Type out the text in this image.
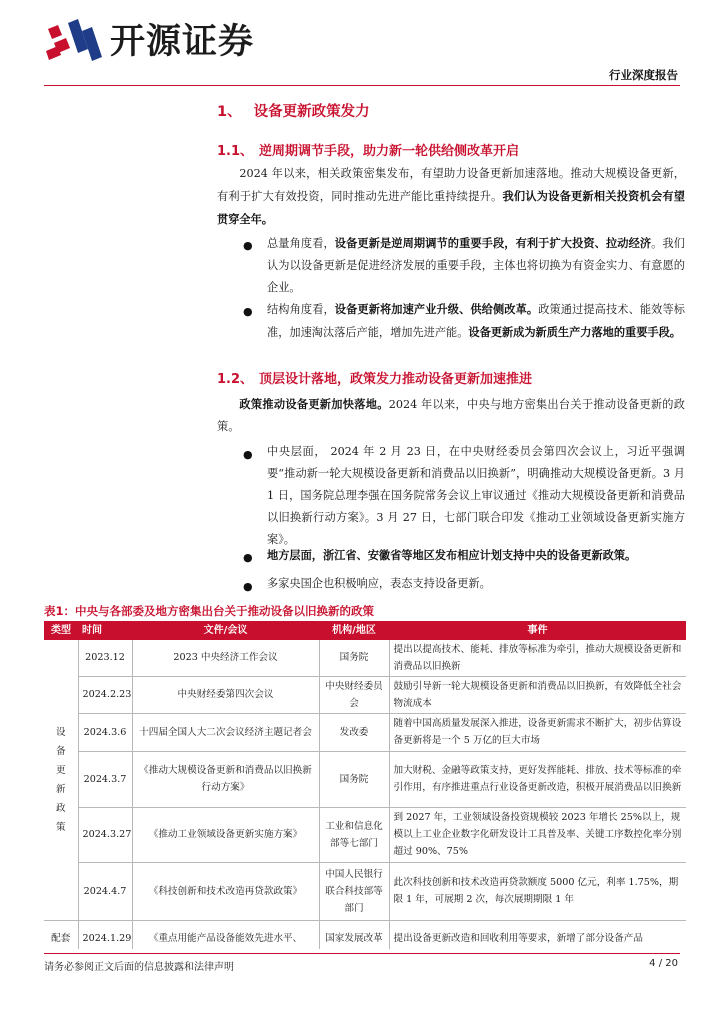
开源证券
行业深度报告
1、 设备更新政策发力
1.1、 逆周期调节手段，助力新一轮供给侧改革开启
2024 年以来，相关政策密集发布，有望助力设备更新加速落地。推动大规模设备更新，有利于扩大有效投资，同时推动先进产能比重持续提升。我们认为设备更新相关投资机会有望贯穿全年。
● 总量角度看，设备更新是逆周期调节的重要手段，有利于扩大投资、拉动经济。我们认为以设备更新是促进经济发展的重要手段，主体也将切换为有资金实力、有意愿的企业。
● 结构角度看，设备更新将加速产业升级、供给侧改革。政策通过提高技术、能效等标准，加速淘汰落后产能，增加先进产能。设备更新成为新质生产力落地的重要手段。
1.2、 顶层设计落地，政策发力推动设备更新加速推进
政策推动设备更新加快落地。2024 年以来，中央与地方密集出台关于推动设备更新的政策。
● 中央层面， 2024 年 2 月 23 日，在中央财经委员会第四次会议上，习近平强调要“推动新一轮大规模设备更新和消费品以旧换新”，明确推动大规模设备更新。3 月 1 日，国务院总理李强在国务院常务会议上审议通过《推动大规模设备更新和消费品以旧换新行动方案》。3 月 27 日，七部门联合印发《推动工业领域设备更新实施方案》。
● 地方层面，浙江省、安徽省等地区发布相应计划支持中央的设备更新政策。
● 多家央国企也积极响应，表态支持设备更新。
表1：中央与各部委及地方密集出台关于推动设备以旧换新的政策
类型	时间	文件/会议	机构/地区	事件
设备更新政策	2023.12	2023 中央经济工作会议	国务院	提出以提高技术、能耗、排放等标准为牵引，推动大规模设备更新和消费品以旧换新
	2024.2.23	中央财经委第四次会议	中央财经委员会	鼓励引导新一轮大规模设备更新和消费品以旧换新，有效降低全社会物流成本
	2024.3.6	十四届全国人大二次会议经济主题记者会	发改委	随着中国高质量发展深入推进，设备更新需求不断扩大，初步估算设备更新将是一个 5 万亿的巨大市场
	2024.3.7	《推动大规模设备更新和消费品以旧换新行动方案》	国务院	加大财税、金融等政策支持，更好发挥能耗、排放、技术等标准的牵引作用，有序推进重点行业设备更新改造，积极开展消费品以旧换新
	2024.3.27	《推动工业领域设备更新实施方案》	工业和信息化部等七部门	到 2027 年，工业领域设备投资规模较 2023 年增长 25%以上，规模以上工业企业数字化研发设计工具普及率、关键工序数控化率分别超过 90%、75%
	2024.4.7	《科技创新和技术改造再贷款政策》	中国人民银行联合科技部等部门	此次科技创新和技术改造再贷款额度 5000 亿元，利率 1.75%，期限 1 年，可展期 2 次，每次展期期限 1 年
配套	2024.1.29	《重点用能产品设备能效先进水平、	国家发展改革	提出设备更新改造和回收利用等要求，新增了部分设备产品
请务必参阅正文后面的信息披露和法律声明	4 / 20
